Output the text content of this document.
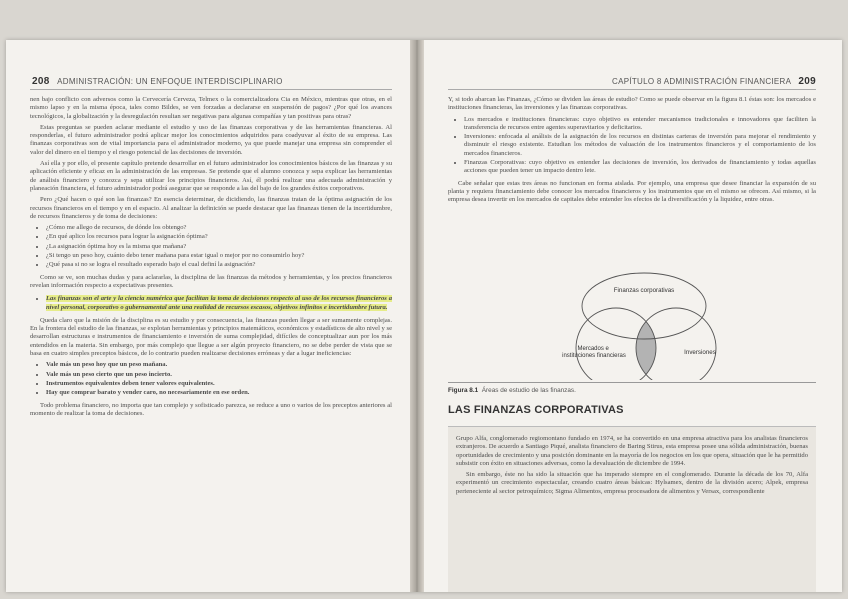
208 ADMINISTRACIÓN: UN ENFOQUE INTERDISCIPLINARIO

nen bajo conflicto con adversos como la Cervecería Cerveza, Telmex o la comercializadora Cia en México, mientras que otras, en el mismo lapso y en la misma época, tales como Bildes, se ven forzadas a declararse en suspensión de pagos? ¿Por qué los avances tecnológicos, la globalización y la desregulación resultan ser negativas para algunas compañías y tan positivas para otras?

Estas preguntas se pueden aclarar mediante el estudio y uso de las finanzas corporativas y de las herramientas financieras. Al responderlas, el futuro administrador podrá aplicar mejor los conocimientos adquiridos para coadyuvar al éxito de su empresa. Las finanzas corporativas son de vital importancia para el administrador moderno, ya que puede manejar una empresa sin comprender el valor del dinero en el tiempo y el riesgo potencial de las decisiones de inversión.

Así ella y por ello, el presente capítulo pretende desarrollar en el futuro administrador los conocimientos básicos de las finanzas y su aplicación eficiente y eficaz en la administración de las empresas. Se pretende que el alumno conozca y sepa explicar las herramientas de análisis financiero y conozca y sepa utilizar los principios financieros. Así, él podrá realizar una adecuada administración y planeación financiera, el futuro administrador podrá asegurar que se responde a las del bajo de los grandes éxitos corporativos.

Pero ¿Qué hacen o qué son las finanzas? En esencia determinar, de dicidiendo, las finanzas tratan de la óptima asignación de los recursos financieros en el tiempo y en el espacio. Al analizar la definición se puede destacar que las finanzas tienen de la incertidumbre, de recursos financieros y de toma de decisiones:

• ¿Cómo me allego de recursos, de dónde los obtengo?
• ¿En qué aplico los recursos para lograr la asignación óptima?
• ¿La asignación óptima hoy es la misma que mañana?
• ¿Si tengo un peso hoy, cuánto debo tener mañana para estar igual o mejor por no consumirlo hoy?
• ¿Qué pasa si no se logra el resultado esperado bajo el cual definí la asignación?

Como se ve, son muchas dudas y para aclararlas, la disciplina de las finanzas da métodos y herramientas, y los precios financieros revelan información respecto a expectativas presentes.

• Las finanzas son el arte y la ciencia numérica que facilitan la toma de decisiones respecto al uso de los recursos financieros a nivel personal, corporativo o gubernamental ante una realidad de recursos escasos, objetivos infinitos e incertidumbre futura.

Queda claro que la misión de la disciplina es su estudio y por consecuencia, las finanzas pueden llegar a ser sumamente complejas. En la frontera del estudio de las finanzas, se explotan herramientas y principios matemáticos, económicos y estadísticos de alto nivel y se desarrollan estructuras e instrumentos de financiamiento e inversión de suma complejidad, difíciles de conceptualizar aun por los más entendidos en la materia. Sin embargo, por más complejo que llegue a ser algún proyecto financiero, no se debe perder de vista que se basa en cuatro simples preceptos básicos, de lo contrario pueden realizarse decisiones erróneas y dar a lugar ineficiencias:

• Vale más un peso hoy que un peso mañana.
• Vale más un peso cierto que un peso incierto.
• Instrumentos equivalentes deben tener valores equivalentes.
• Hay que comprar barato y vender caro, no necesariamente en ese orden.

Todo problema financiero, no importa que tan complejo y sofisticado parezca, se reduce a uno o varios de los preceptos anteriores al momento de realizar la toma de decisiones.

CAPÍTULO 8 ADMINISTRACIÓN FINANCIERA 209

Y, si todo abarcan las Finanzas, ¿Cómo se dividen las áreas de estudio? Como se puede observar en la figura 8.1 éstas son: los mercados e instituciones financieras, las inversiones y las finanzas corporativas.

• Los mercados e instituciones financieras: cuyo objetivo es entender mecanismos tradicionales e innovadores que faciliten la transferencia de recursos entre agentes superavitarios y deficitarios.
• Inversiones: enfocada al análisis de la asignación de los recursos en distintas carteras de inversión para mejorar el rendimiento y disminuir el riesgo existente. Estudian los métodos de valuación de los instrumentos financieros y el comportamiento de los mercados financieros.
• Finanzas Corporativas: cuyo objetivo es entender las decisiones de inversión, los derivados de financiamiento y todas aquellas acciones que pueden tener un impacto dentro lete.

Cabe señalar que estas tres áreas no funcionan en forma aislada. Por ejemplo, una empresa que desee financiar la expansión de su planta y requiera financiamiento debe conocer los mercados financieros y los instrumentos que en el mismo se ofrecen. Así mismo, si la empresa desea invertir en los mercados de capitales debe entender los efectos de la diversificación y la liquidez, entre otras.

Finanzas corporativas
Mercados e instituciones financieras	Inversiones
Figura 8.1 Áreas de estudio de las finanzas.
LAS FINANZAS CORPORATIVAS

Grupo Alfa, conglomerado regiomontano fundado en 1974, se ha convertido en una empresa atractiva para los analistas financieros extranjeros. De acuerdo a Santiago Piqué, analista financiero de Baring Stirus, esta empresa posee una sólida administración, buenas oportunidades de crecimiento y una posición dominante en la mayoría de los negocios en los que opera, situación que le ha permitido subsistir con éxito en situaciones adversas, como la devaluación de diciembre de 1994.

Sin embargo, éste no ha sido la situación que ha imperado siempre en el conglomerado. Durante la década de los 70, Alfa experimentó un crecimiento espectacular, creando cuatro áreas básicas: Hylsamex, dentro de la división acero; Alpek, empresa perteneciente al sector petroquímico; Sigma Alimentos, empresa procesadora de alimentos y Versax, correspondiente
